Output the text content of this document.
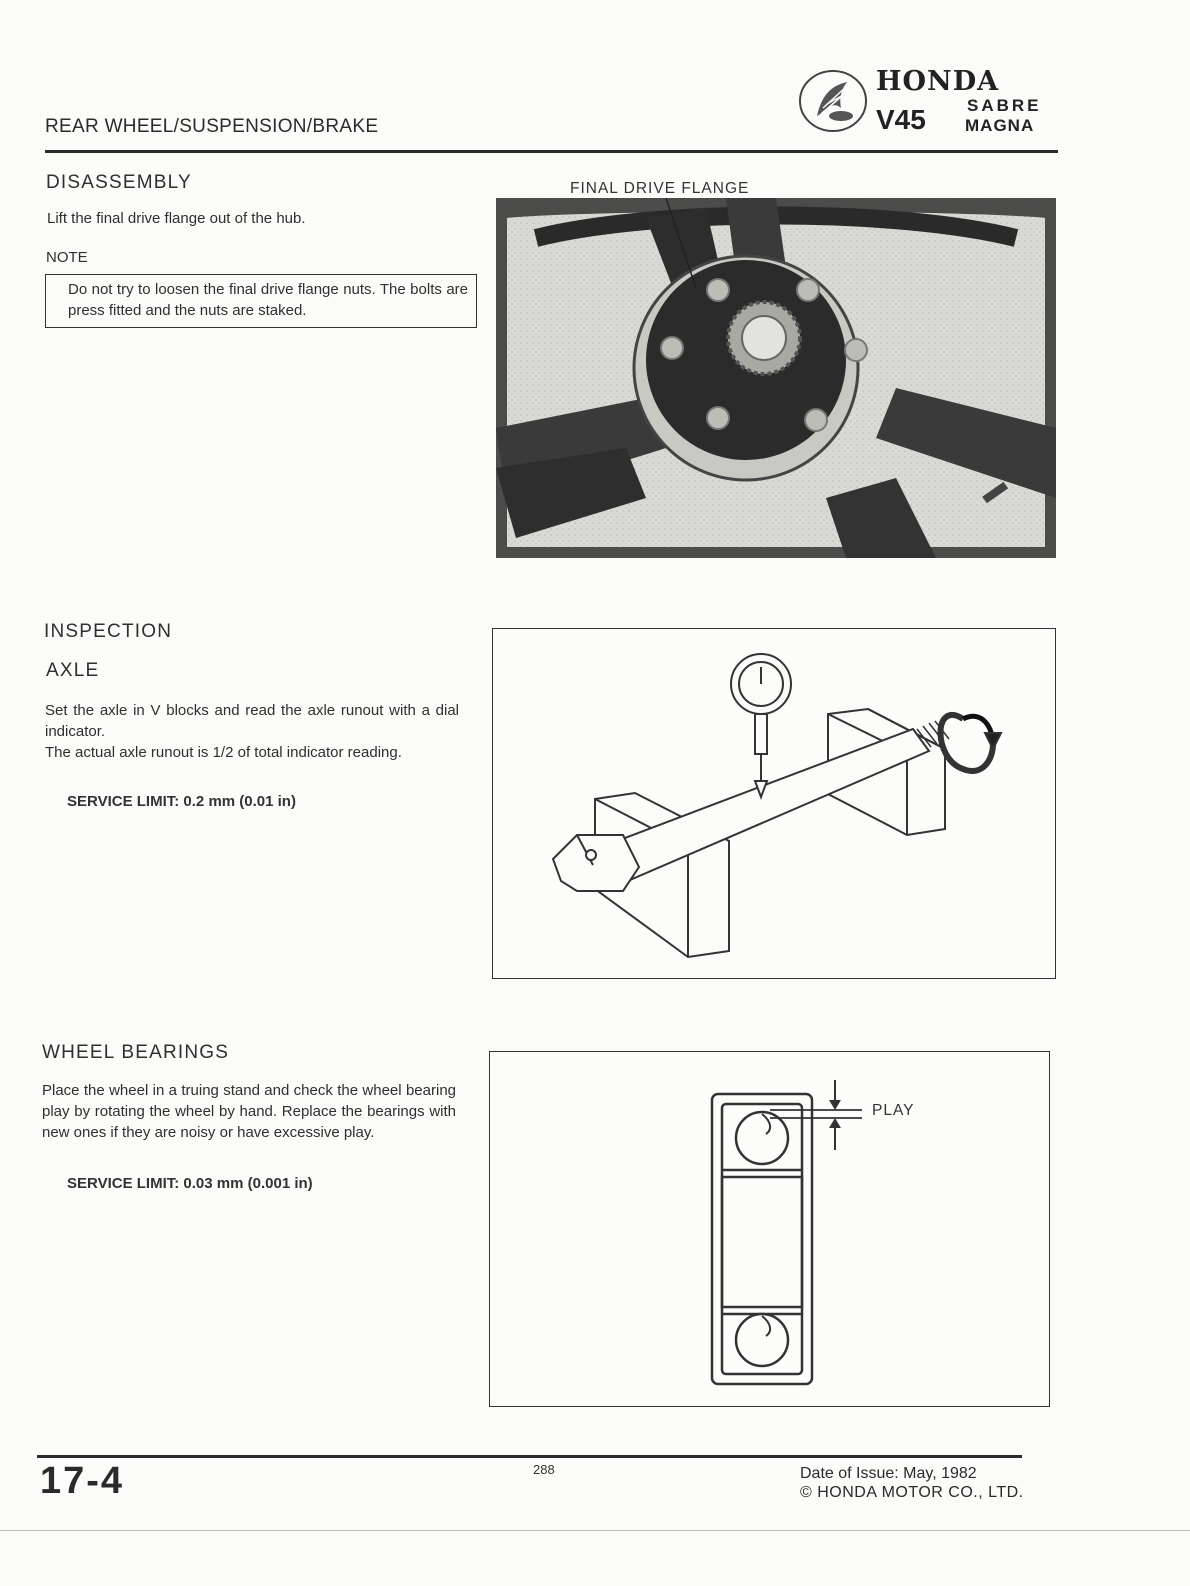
REAR WHEEL/SUSPENSION/BRAKE
HONDA
V45 SABRE
MAGNA
DISASSEMBLY
Lift the final drive flange out of the hub.
NOTE
Do not try to loosen the final drive flange nuts. The bolts are press fitted and the nuts are staked.
FINAL DRIVE FLANGE
INSPECTION
AXLE
Set the axle in V blocks and read the axle runout with a dial indicator.
The actual axle runout is 1/2 of total indicator reading.
SERVICE LIMIT: 0.2 mm (0.01 in)
WHEEL BEARINGS
Place the wheel in a truing stand and check the wheel bearing play by rotating the wheel by hand. Replace the bearings with new ones if they are noisy or have excessive play.
SERVICE LIMIT: 0.03 mm (0.001 in)
PLAY
17-4	288	Date of Issue: May, 1982
© HONDA MOTOR CO., LTD.
